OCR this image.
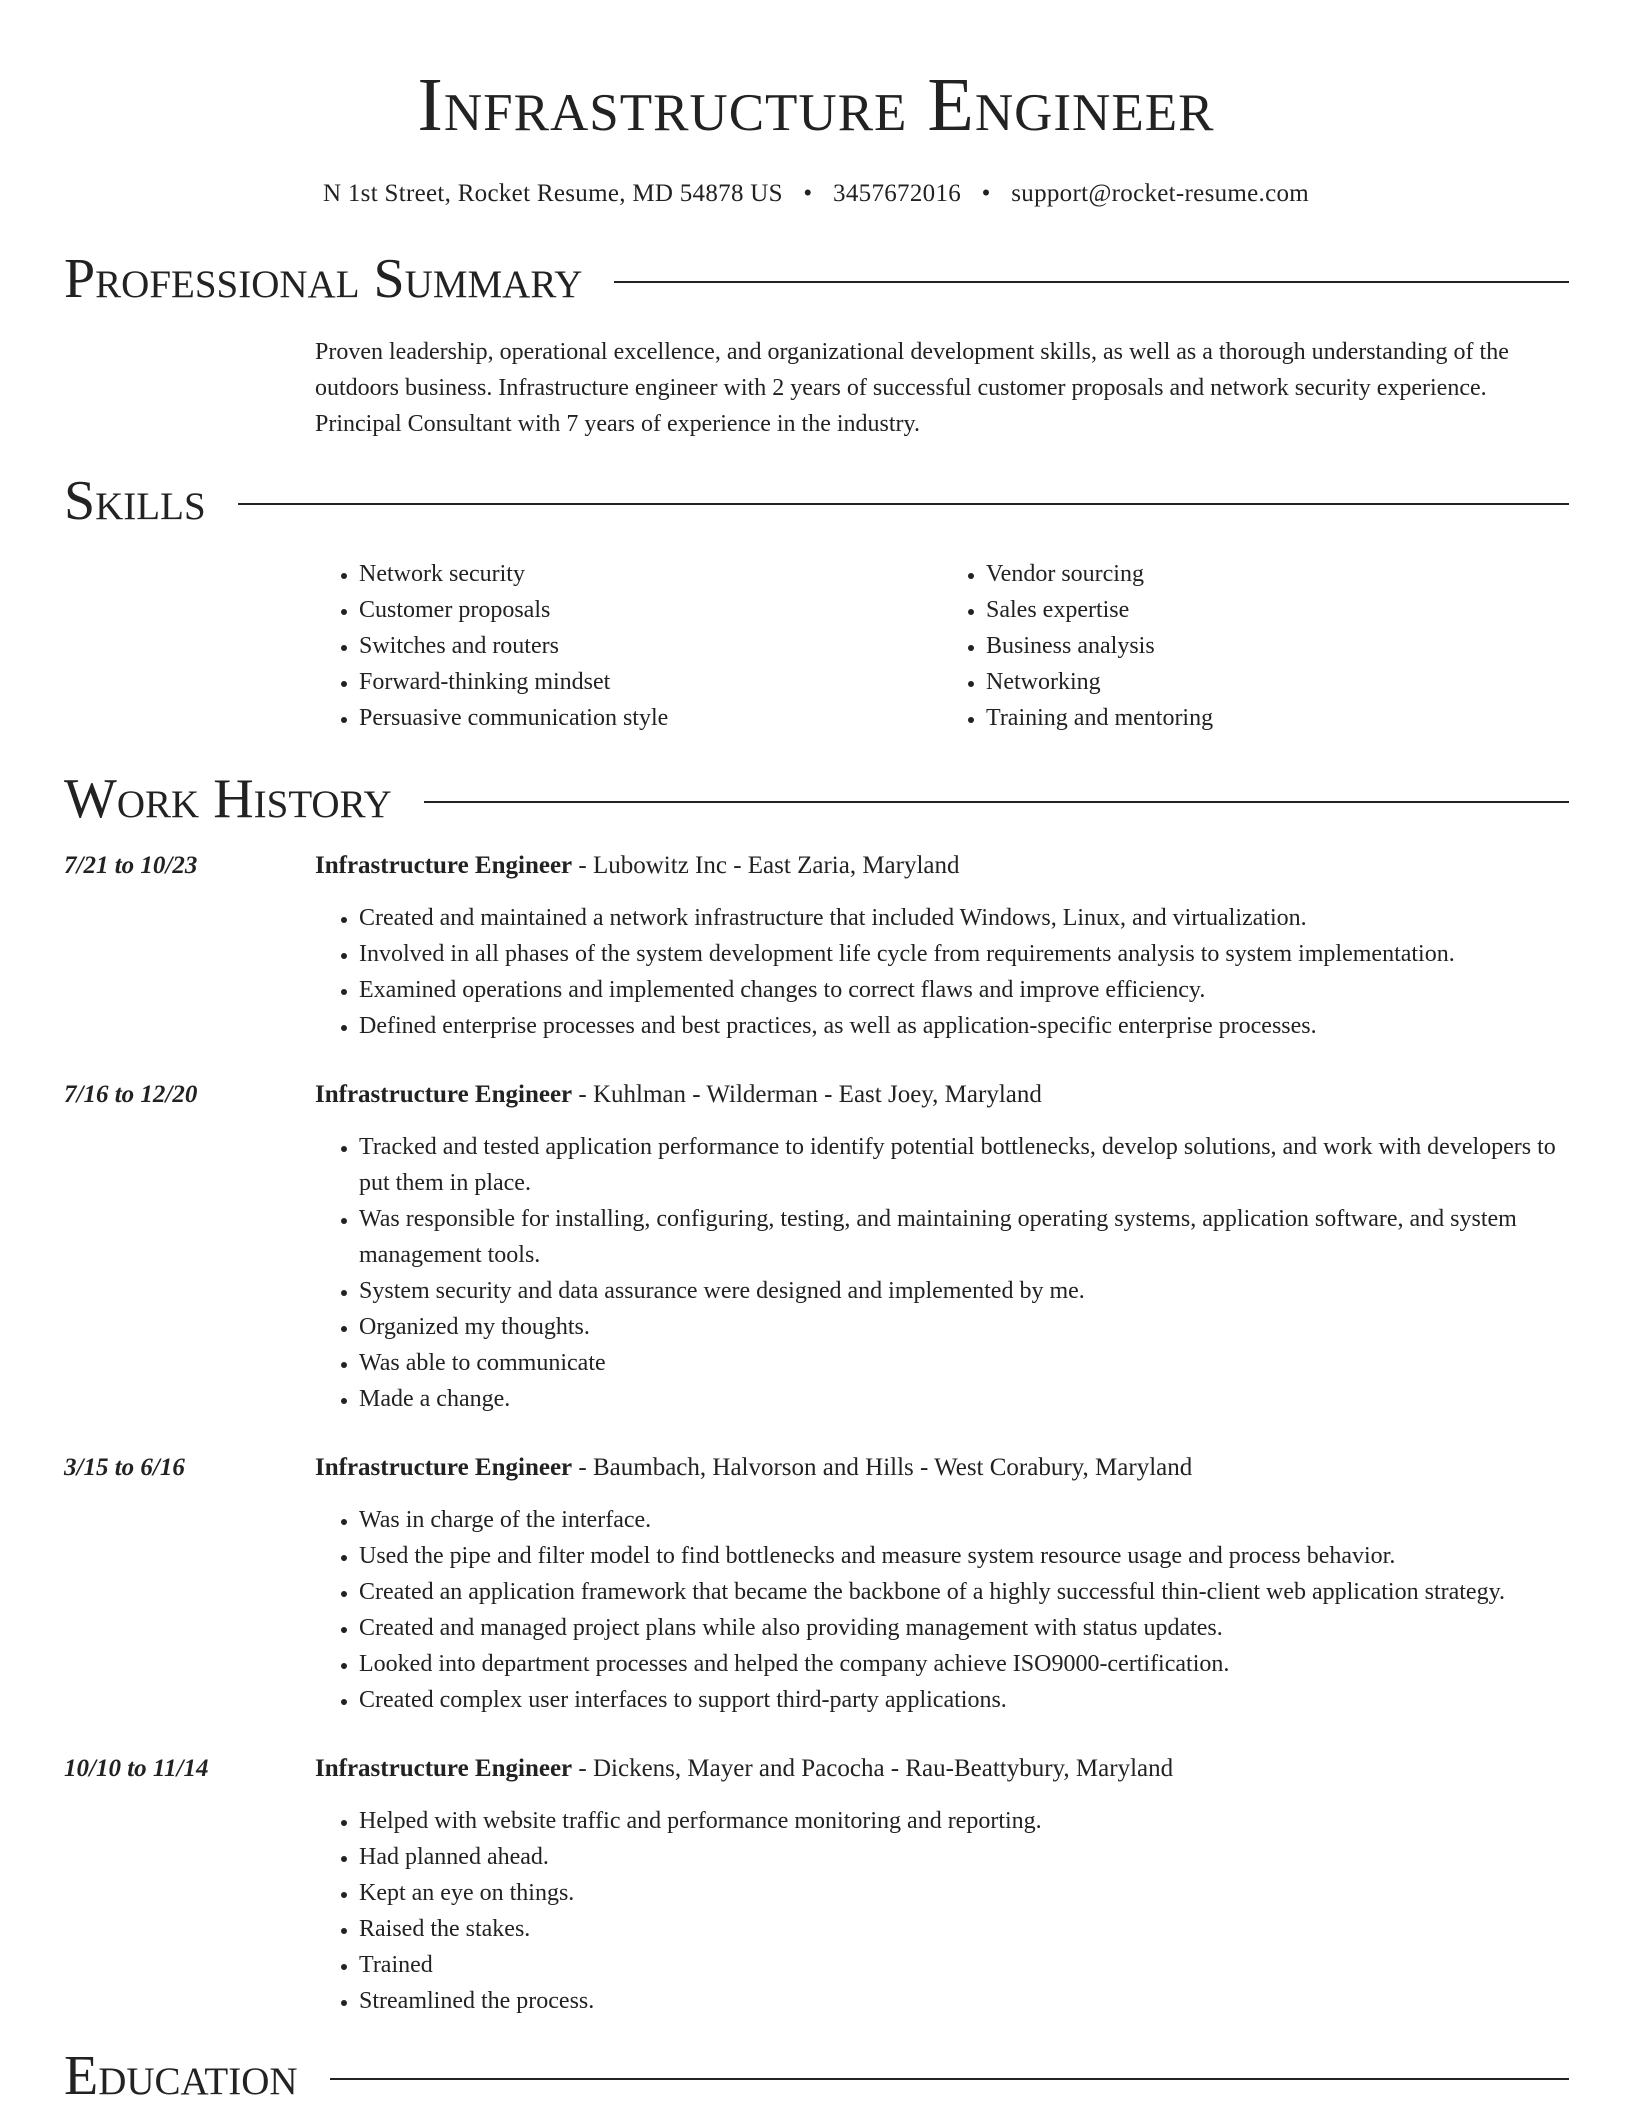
Infrastructure Engineer
N 1st Street, Rocket Resume, MD 54878 US • 3457672016 • support@rocket-resume.com
Professional Summary
Proven leadership, operational excellence, and organizational development skills, as well as a thorough understanding of the outdoors business. Infrastructure engineer with 2 years of successful customer proposals and network security experience. Principal Consultant with 7 years of experience in the industry.
Skills
• Network security
• Customer proposals
• Switches and routers
• Forward-thinking mindset
• Persuasive communication style
• Vendor sourcing
• Sales expertise
• Business analysis
• Networking
• Training and mentoring
Work History
7/21 to 10/23	Infrastructure Engineer - Lubowitz Inc - East Zaria, Maryland
• Created and maintained a network infrastructure that included Windows, Linux, and virtualization.
• Involved in all phases of the system development life cycle from requirements analysis to system implementation.
• Examined operations and implemented changes to correct flaws and improve efficiency.
• Defined enterprise processes and best practices, as well as application-specific enterprise processes.
7/16 to 12/20	Infrastructure Engineer - Kuhlman - Wilderman - East Joey, Maryland
• Tracked and tested application performance to identify potential bottlenecks, develop solutions, and work with developers to put them in place.
• Was responsible for installing, configuring, testing, and maintaining operating systems, application software, and system management tools.
• System security and data assurance were designed and implemented by me.
• Organized my thoughts.
• Was able to communicate
• Made a change.
3/15 to 6/16	Infrastructure Engineer - Baumbach, Halvorson and Hills - West Corabury, Maryland
• Was in charge of the interface.
• Used the pipe and filter model to find bottlenecks and measure system resource usage and process behavior.
• Created an application framework that became the backbone of a highly successful thin-client web application strategy.
• Created and managed project plans while also providing management with status updates.
• Looked into department processes and helped the company achieve ISO9000-certification.
• Created complex user interfaces to support third-party applications.
10/10 to 11/14	Infrastructure Engineer - Dickens, Mayer and Pacocha - Rau-Beattybury, Maryland
• Helped with website traffic and performance monitoring and reporting.
• Had planned ahead.
• Kept an eye on things.
• Raised the stakes.
• Trained
• Streamlined the process.
Education
